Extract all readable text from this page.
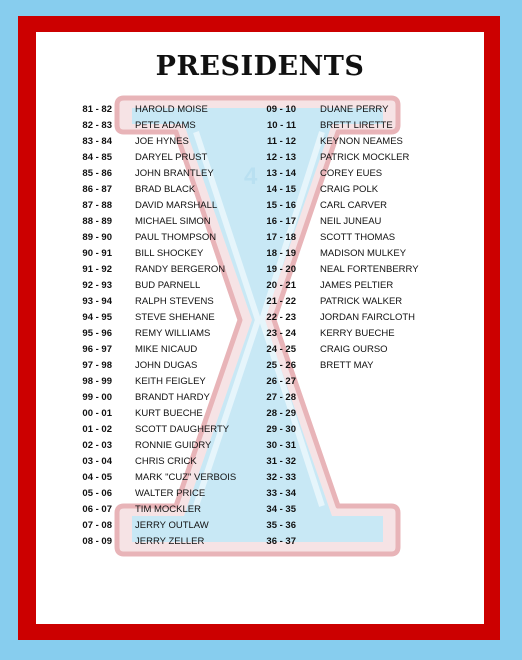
4
PRESIDENTS
81 - 82 HAROLD MOISE
82 - 83 PETE ADAMS
83 - 84 JOE HYNES
84 - 85 DARYEL PRUST
85 - 86 JOHN BRANTLEY
86 - 87 BRAD BLACK
87 - 88 DAVID MARSHALL
88 - 89 MICHAEL SIMON
89 - 90 PAUL THOMPSON
90 - 91 BILL SHOCKEY
91 - 92 RANDY BERGERON
92 - 93 BUD PARNELL
93 - 94 RALPH STEVENS
94 - 95 STEVE SHEHANE
95 - 96 REMY WILLIAMS
96 - 97 MIKE NICAUD
97 - 98 JOHN DUGAS
98 - 99 KEITH FEIGLEY
99 - 00 BRANDT HARDY
00 - 01 KURT BUECHE
01 - 02 SCOTT DAUGHERTY
02 - 03 RONNIE GUIDRY
03 - 04 CHRIS CRICK
04 - 05 MARK "CUZ" VERBOIS
05 - 06 WALTER PRICE
06 - 07 TIM MOCKLER
07 - 08 JERRY OUTLAW
08 - 09 JERRY ZELLER
09 - 10	DUANE PERRY
10 - 11	BRETT LIRETTE
11 - 12	KEYNON NEAMES
12 - 13	PATRICK MOCKLER
13 - 14	COREY EUES
14 - 15	CRAIG POLK
15 - 16	CARL CARVER
16 - 17	NEIL JUNEAU
17 - 18	SCOTT THOMAS
18 - 19	MADISON MULKEY
19 - 20	NEAL FORTENBERRY
20 - 21	JAMES PELTIER
21 - 22	PATRICK WALKER
22 - 23	JORDAN FAIRCLOTH
23 - 24	KERRY BUECHE
24 - 25	CRAIG OURSO
25 - 26	BRETT MAY
26 - 27
27 - 28
28 - 29
29 - 30
30 - 31
31 - 32
32 - 33
33 - 34
34 - 35
35 - 36
36 - 37
